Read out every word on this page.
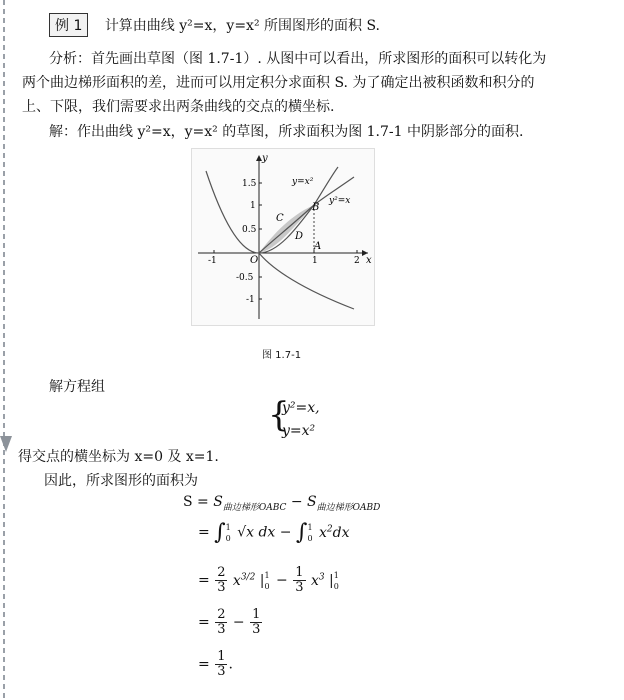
例 1 计算由曲线 y²=x，y=x² 所围图形的面积 S.
分析：首先画出草图（图 1.7-1）. 从图中可以看出，所求图形的面积可以转化为
两个曲边梯形面积的差，进而可以用定积分求面积 S. 为了确定出被积函数和积分的
上、下限，我们需要求出两条曲线的交点的横坐标.
解：作出曲线 y²=x，y=x² 的草图，所求面积为图 1.7-1 中阴影部分的面积.
-1	1	2
1.5
1
0.5
-0.5
-1
x
y
y=x²
y²=x
B
C
D
A
O
图 1.7-1
解方程组
{
y²=x,
y=x²
得交点的横坐标为 x=0 及 x=1.
因此，所求图形的面积为
$S = S_{曲边梯形OABC} - S_{曲边梯形OABD}$
= ∫ 1
0 √x dx − ∫ 1
0 $x^2dx$
= $\frac{2}{3} x^{3/2}$ | 1
$0 - \frac{1}{3} x^3$ | 1
0
= $\frac{2}{3} - \frac{1}{3}$
= $\frac{1}{3}$ .
